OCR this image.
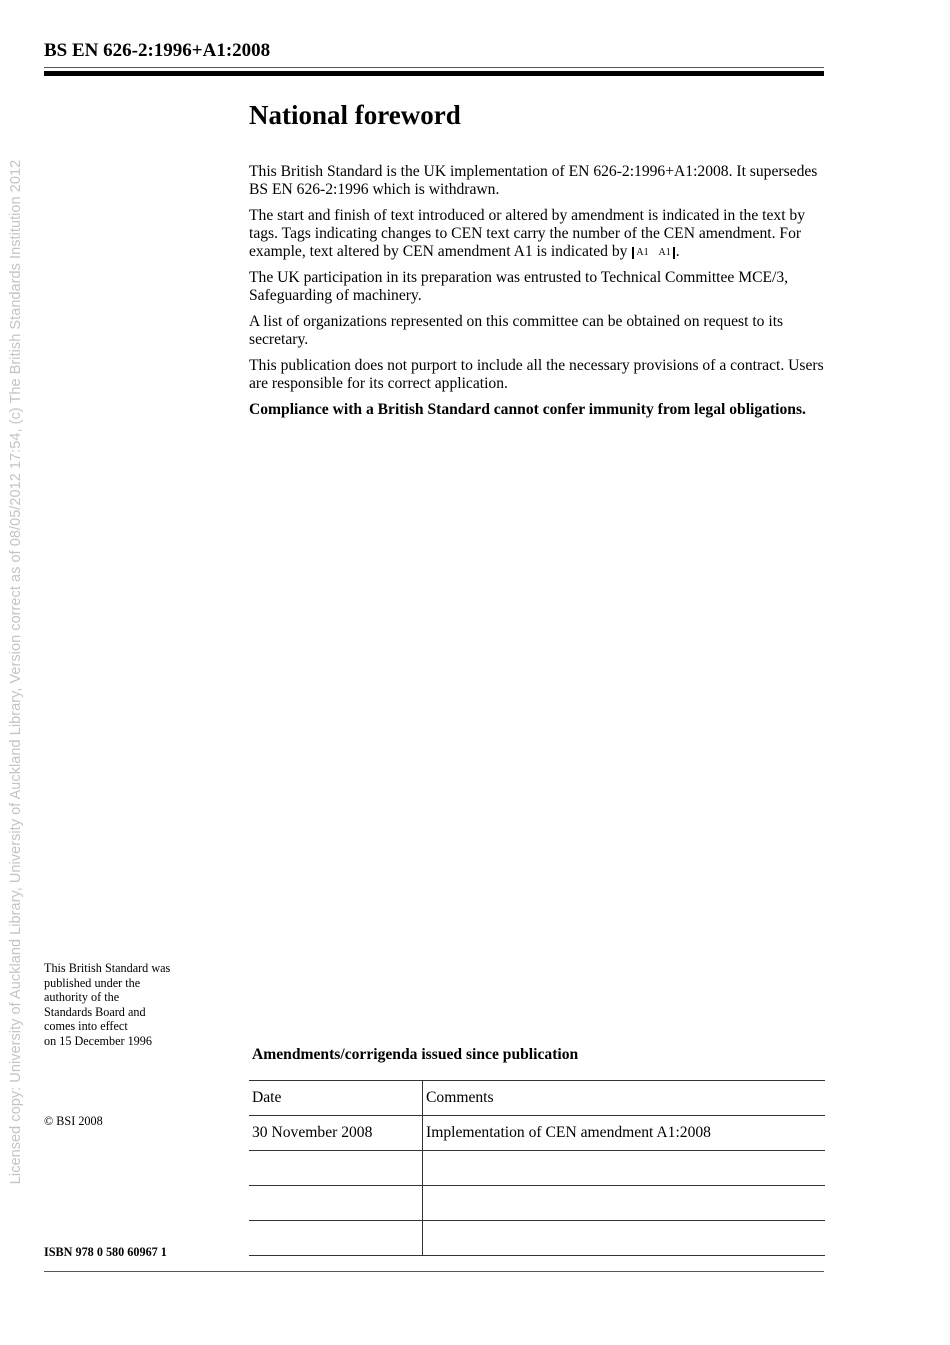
Licensed copy: University of Auckland Library, University of Auckland Library, Version correct as of 08/05/2012 17:54, (c) The British Standards Institution 2012
BS EN 626-2:1996+A1:2008
National foreword

This British Standard is the UK implementation of EN 626-2:1996+A1:2008. It supersedes BS EN 626-2:1996 which is withdrawn.

The start and finish of text introduced or altered by amendment is indicated in the text by tags. Tags indicating changes to CEN text carry the number of the CEN amendment. For example, text altered by CEN amendment A1 is indicated by A1 A1 .

The UK participation in its preparation was entrusted to Technical Committee MCE/3, Safeguarding of machinery.

A list of organizations represented on this committee can be obtained on request to its secretary.

This publication does not purport to include all the necessary provisions of a contract. Users are responsible for its correct application.

Compliance with a British Standard cannot confer immunity from legal obligations.

This British Standard was
published under the
authority of the
Standards Board and
comes into effect
on 15 December 1996
© BSI 2008
ISBN 978 0 580 60967 1
Amendments/corrigenda issued since publication
Date	Comments
30 November 2008	Implementation of CEN amendment A1:2008
